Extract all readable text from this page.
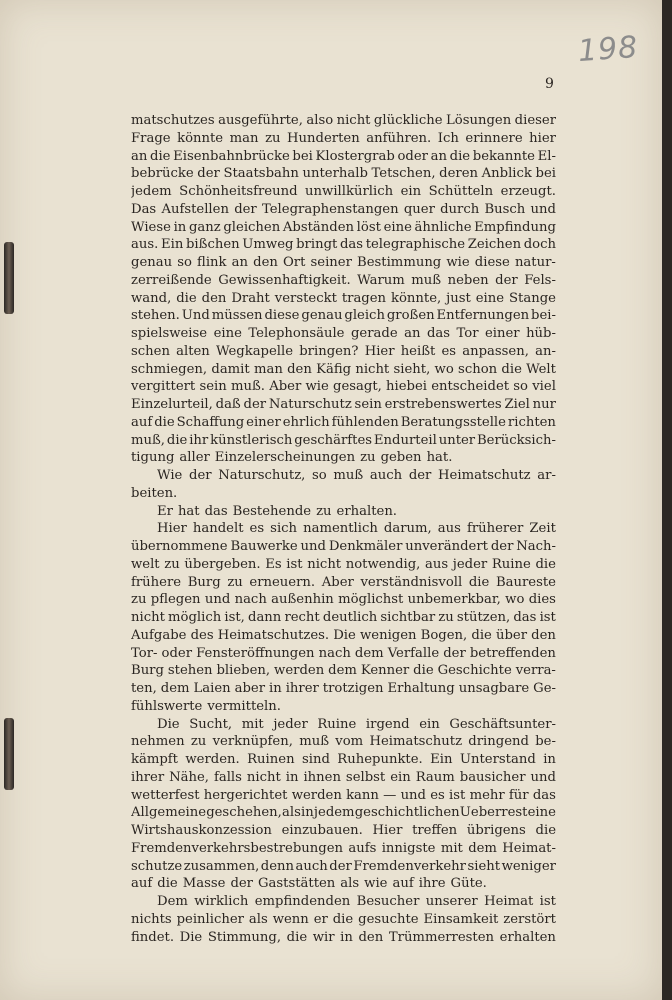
198
9
matschutzes ausgeführte, also nicht glückliche Lösungen dieser
Frage könnte man zu Hunderten anführen. Ich erinnere hier
an die Eisenbahnbrücke bei Klostergrab oder an die bekannte El-
bebrücke der Staatsbahn unterhalb Tetschen, deren Anblick bei
jedem Schönheitsfreund unwillkürlich ein Schütteln erzeugt.
Das Aufstellen der Telegraphenstangen quer durch Busch und
Wiese in ganz gleichen Abständen löst eine ähnliche Empfindung
aus. Ein bißchen Umweg bringt das telegraphische Zeichen doch
genau so flink an den Ort seiner Bestimmung wie diese natur-
zerreißende Gewissenhaftigkeit. Warum muß neben der Fels-
wand, die den Draht versteckt tragen könnte, just eine Stange
stehen. Und müssen diese genau gleich großen Entfernungen bei-
spielsweise eine Telephonsäule gerade an das Tor einer hüb-
schen alten Wegkapelle bringen? Hier heißt es anpassen, an-
schmiegen, damit man den Käfig nicht sieht, wo schon die Welt
vergittert sein muß. Aber wie gesagt, hiebei entscheidet so viel
Einzelurteil, daß der Naturschutz sein erstrebenswertes Ziel nur
auf die Schaffung einer ehrlich fühlenden Beratungsstelle richten
muß, die ihr künstlerisch geschärftes Endurteil unter Berücksich-
tigung aller Einzelerscheinungen zu geben hat.
Wie der Naturschutz, so muß auch der Heimatschutz ar-
beiten.
Er hat das Bestehende zu erhalten.
Hier handelt es sich namentlich darum, aus früherer Zeit
übernommene Bauwerke und Denkmäler unverändert der Nach-
welt zu übergeben. Es ist nicht notwendig, aus jeder Ruine die
frühere Burg zu erneuern. Aber verständnisvoll die Baureste
zu pflegen und nach außenhin möglichst unbemerkbar, wo dies
nicht möglich ist, dann recht deutlich sichtbar zu stützen, das ist
Aufgabe des Heimatschutzes. Die wenigen Bogen, die über den
Tor- oder Fensteröffnungen nach dem Verfalle der betreffenden
Burg stehen blieben, werden dem Kenner die Geschichte verra-
ten, dem Laien aber in ihrer trotzigen Erhaltung unsagbare Ge-
fühlswerte vermitteln.
Die Sucht, mit jeder Ruine irgend ein Geschäftsunter-
nehmen zu verknüpfen, muß vom Heimatschutz dringend be-
kämpft werden. Ruinen sind Ruhepunkte. Ein Unterstand in
ihrer Nähe, falls nicht in ihnen selbst ein Raum bausicher und
wetterfest hergerichtet werden kann — und es ist mehr für das
Allgemeine geschehen, als in jedem geschichtlichen Ueberrest eine
Wirtshauskonzession einzubauen. Hier treffen übrigens die
Fremdenverkehrsbestrebungen aufs innigste mit dem Heimat-
schutze zusammen, denn auch der Fremdenverkehr sieht weniger
auf die Masse der Gaststätten als wie auf ihre Güte.
Dem wirklich empfindenden Besucher unserer Heimat ist
nichts peinlicher als wenn er die gesuchte Einsamkeit zerstört
findet. Die Stimmung, die wir in den Trümmerresten erhalten
